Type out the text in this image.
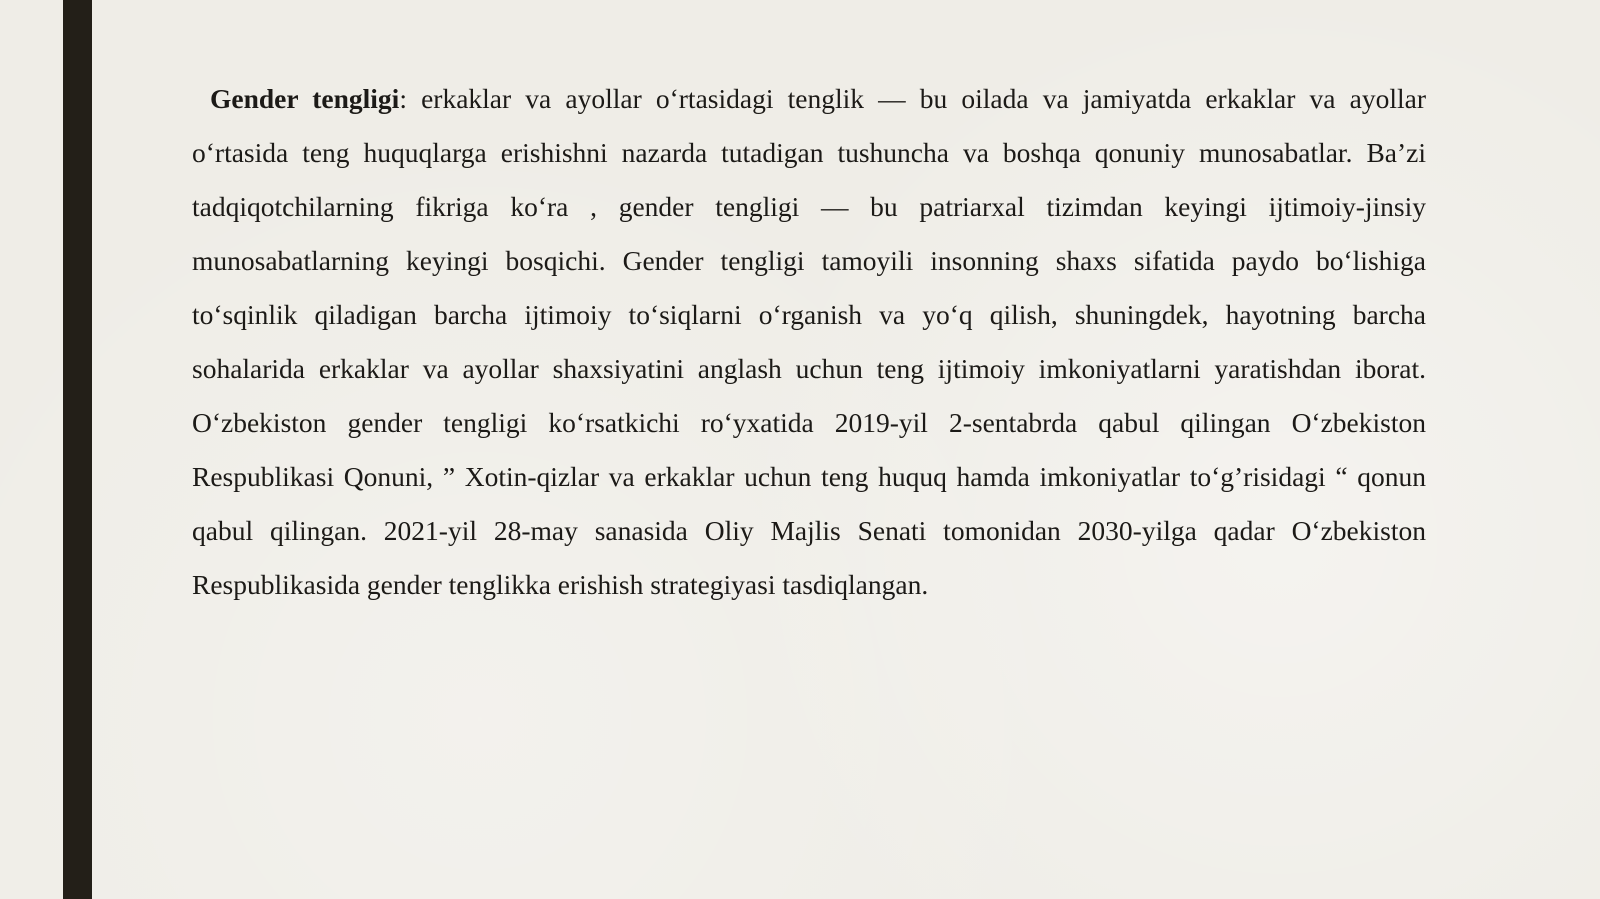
Gender tengligi: erkaklar va ayollar o‘rtasidagi tenglik — bu oilada va jamiyatda erkaklar va ayollar o‘rtasida teng huquqlarga erishishni nazarda tutadigan tushuncha va boshqa qonuniy munosabatlar. Ba’zi tadqiqotchilarning fikriga ko‘ra , gender tengligi — bu patriarxal tizimdan keyingi ijtimoiy-jinsiy munosabatlarning keyingi bosqichi. Gender tengligi tamoyili insonning shaxs sifatida paydo bo‘lishiga to‘sqinlik qiladigan barcha ijtimoiy to‘siqlarni o‘rganish va yo‘q qilish, shuningdek, hayotning barcha sohalarida erkaklar va ayollar shaxsiyatini anglash uchun teng ijtimoiy imkoniyatlarni yaratishdan iborat. O‘zbekiston gender tengligi ko‘rsatkichi ro‘yxatida 2019-yil 2-sentabrda qabul qilingan O‘zbekiston Respublikasi Qonuni, ” Xotin-qizlar va erkaklar uchun teng huquq hamda imkoniyatlar to‘g’risidagi “ qonun qabul qilingan. 2021-yil 28-may sanasida Oliy Majlis Senati tomonidan 2030-yilga qadar O‘zbekiston Respublikasida gender tenglikka erishish strategiyasi tasdiqlangan.
